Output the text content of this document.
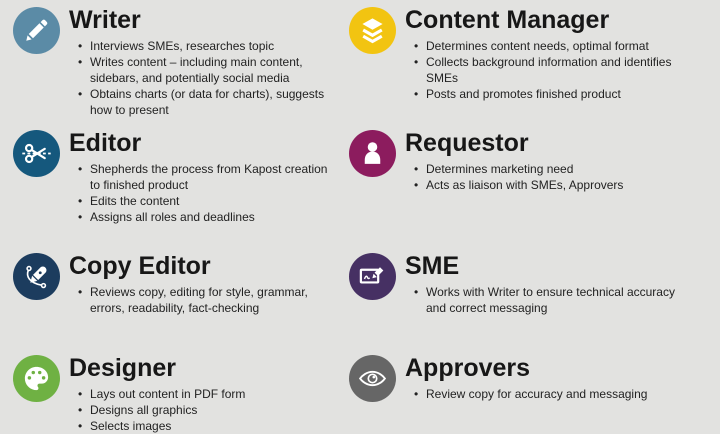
Writer
• Interviews SMEs, researches topic
• Writes content – including main content, sidebars, and potentially social media
• Obtains charts (or data for charts), suggests how to present
Content Manager
• Determines content needs, optimal format
• Collects background information and identifies SMEs
• Posts and promotes finished product
Editor
• Shepherds the process from Kapost creation to finished product
• Edits the content
• Assigns all roles and deadlines
Requestor
• Determines marketing need
• Acts as liaison with SMEs, Approvers
Copy Editor
• Reviews copy, editing for style, grammar, errors, readability, fact-checking
SME
• Works with Writer to ensure technical accuracy and correct messaging
Designer
• Lays out content in PDF form
• Designs all graphics
• Selects images
Approvers
• Review copy for accuracy and messaging
